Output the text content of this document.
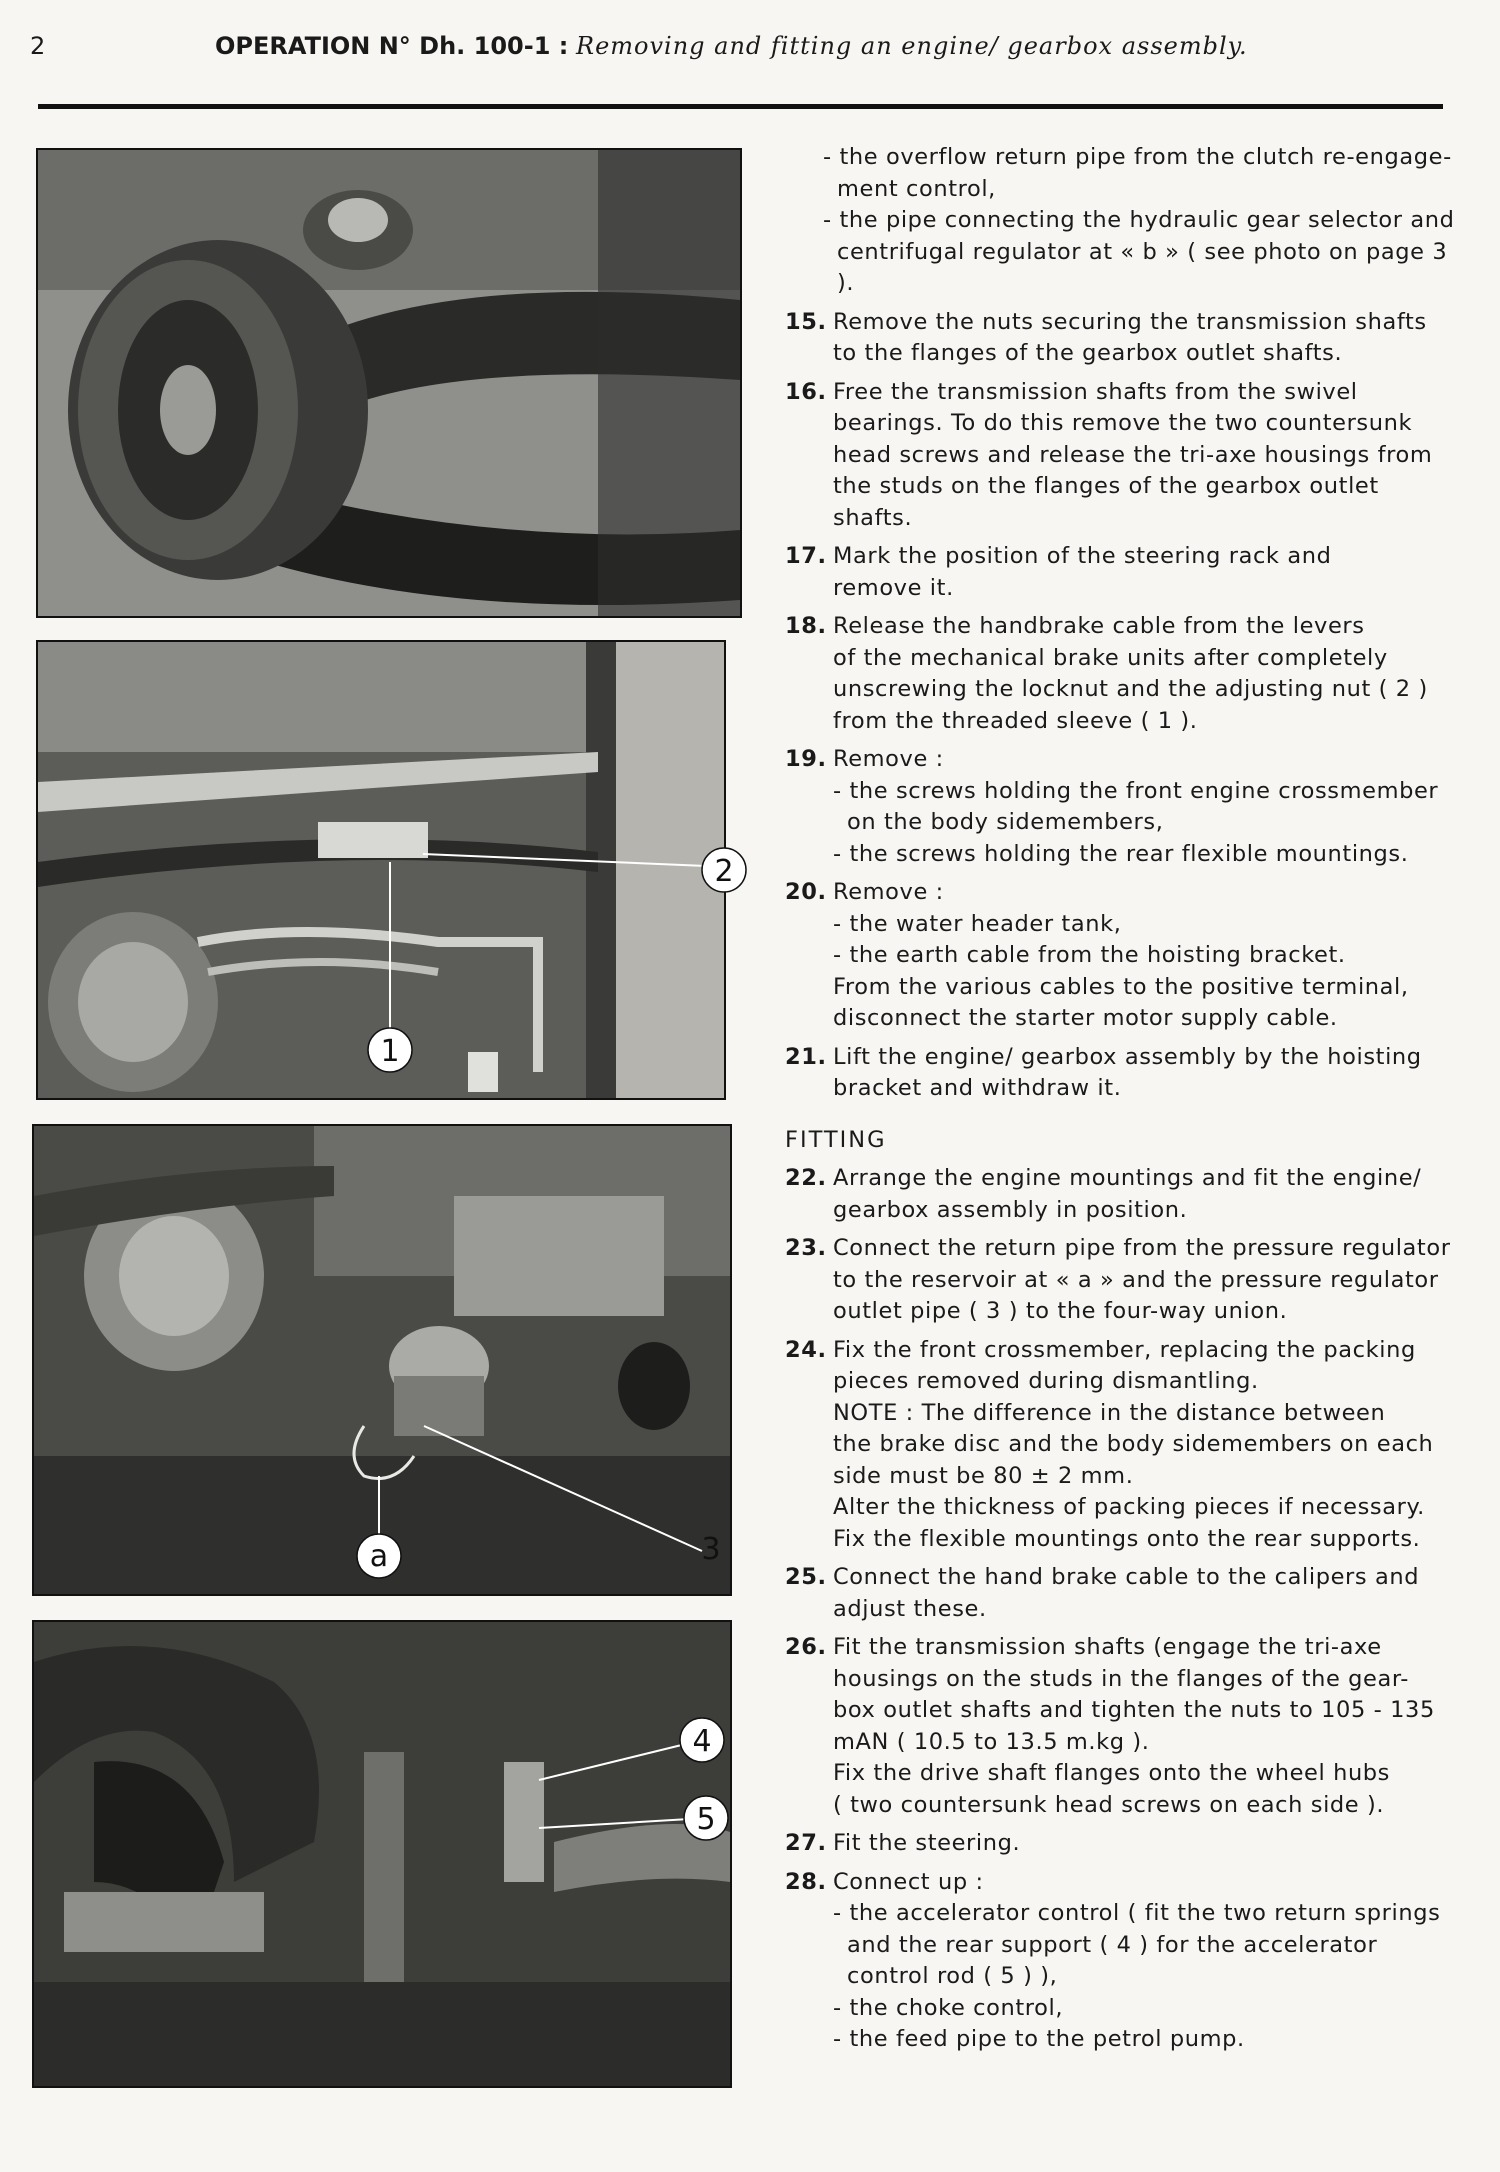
2	OPERATION N° Dh. 100-1 : Removing and fitting an engine/ gearbox assembly.
2
1
a	3
4
5
- the overflow return pipe from the clutch re-engage- ment control,
- the pipe connecting the hydraulic gear selector and centrifugal regulator at « b » ( see photo on page 3 ).
15. Remove the nuts securing the transmission shafts
to the flanges of the gearbox outlet shafts.
16. Free the transmission shafts from the swivel
bearings. To do this remove the two countersunk
head screws and release the tri-axe housings from
the studs on the flanges of the gearbox outlet
shafts.
17. Mark the position of the steering rack and
remove it.
18. Release the handbrake cable from the levers
of the mechanical brake units after completely
unscrewing the locknut and the adjusting nut ( 2 )
from the threaded sleeve ( 1 ).
19. Remove :
- the screws holding the front engine crossmember
on the body sidemembers,
- the screws holding the rear flexible mountings.
20. Remove :
- the water header tank,
- the earth cable from the hoisting bracket.
From the various cables to the positive terminal,
disconnect the starter motor supply cable.
21. Lift the engine/ gearbox assembly by the hoisting
bracket and withdraw it.
FITTING
22. Arrange the engine mountings and fit the engine/
gearbox assembly in position.
23. Connect the return pipe from the pressure regulator
to the reservoir at « a » and the pressure regulator
outlet pipe ( 3 ) to the four-way union.
24. Fix the front crossmember, replacing the packing
pieces removed during dismantling.
NOTE : The difference in the distance between
the brake disc and the body sidemembers on each
side must be 80 ± 2 mm.
Alter the thickness of packing pieces if necessary.
Fix the flexible mountings onto the rear supports.
25. Connect the hand brake cable to the calipers and
adjust these.
26. Fit the transmission shafts (engage the tri-axe
housings on the studs in the flanges of the gear-
box outlet shafts and tighten the nuts to 105 - 135
mAN ( 10.5 to 13.5 m.kg ).
Fix the drive shaft flanges onto the wheel hubs
( two countersunk head screws on each side ).
27. Fit the steering.
28. Connect up :
- the accelerator control ( fit the two return springs
and the rear support ( 4 ) for the accelerator
control rod ( 5 ) ),
- the choke control,
- the feed pipe to the petrol pump.
